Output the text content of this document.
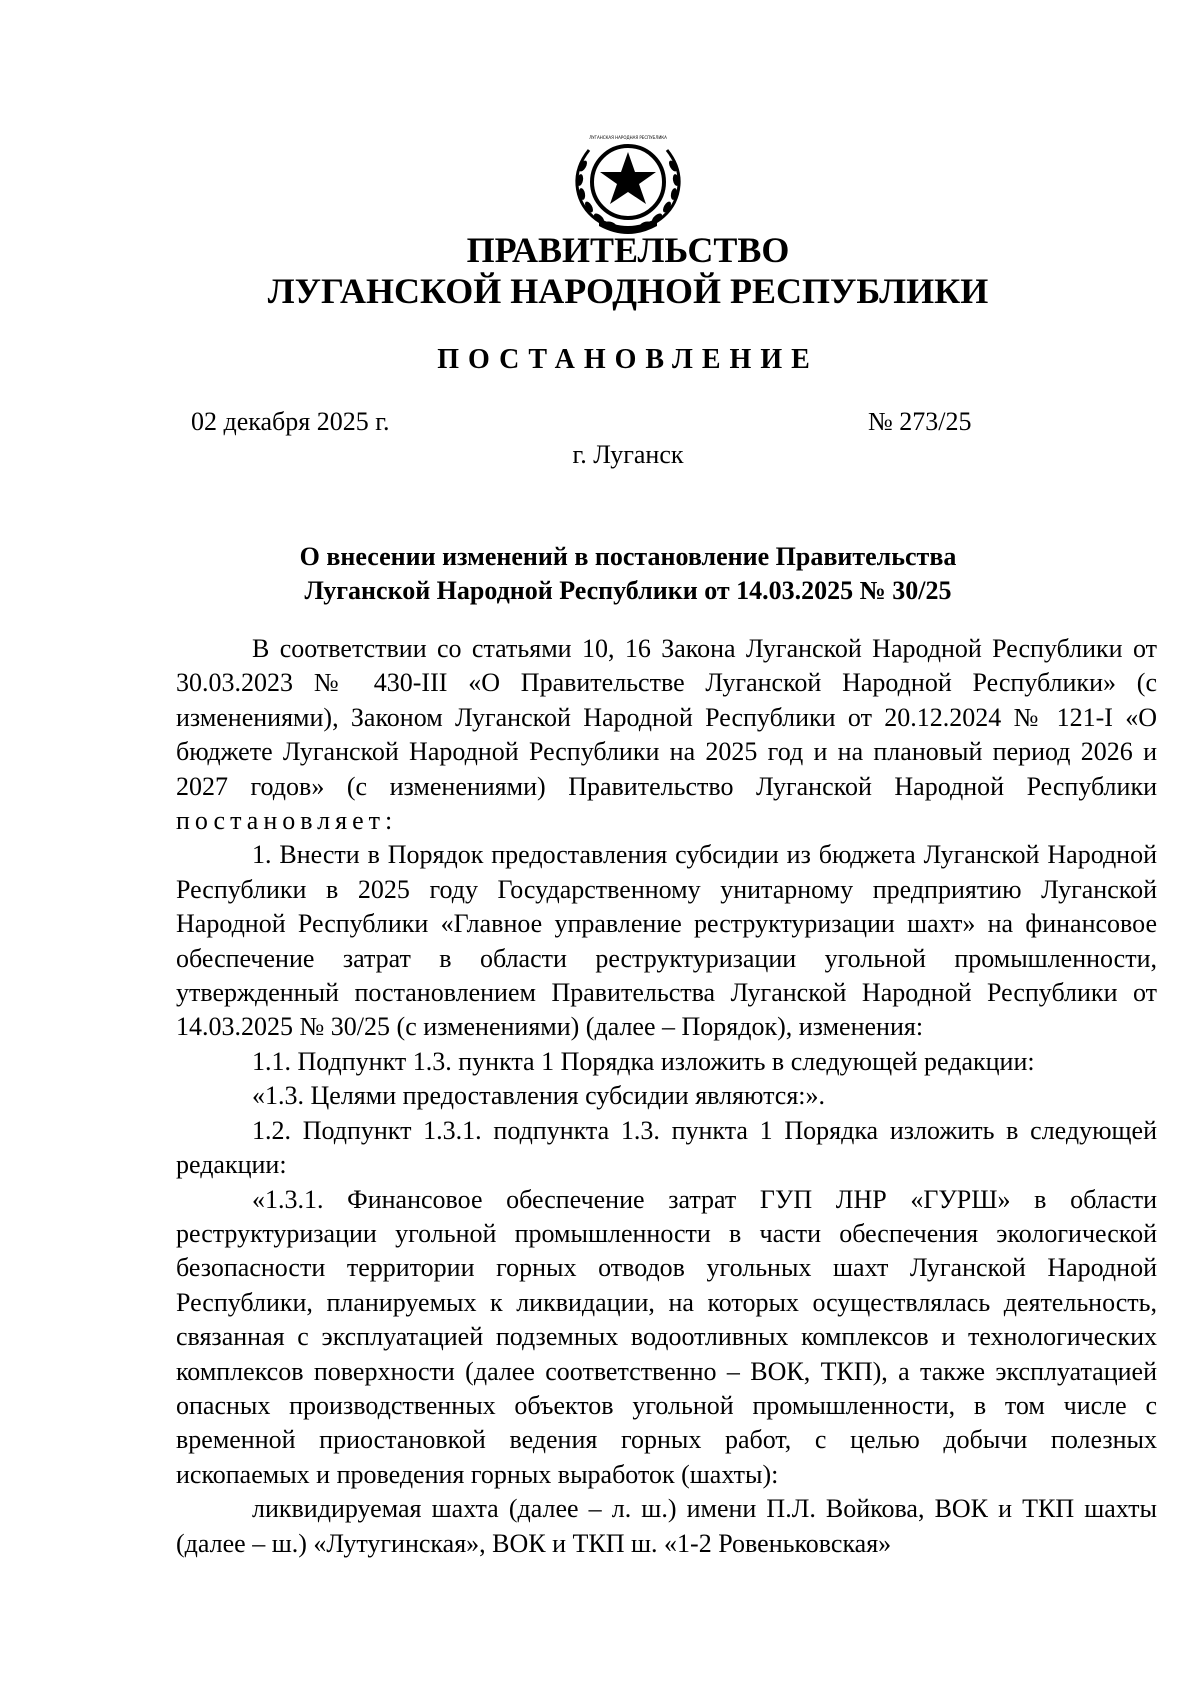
ЛУГАНСКАЯ НАРОДНАЯ РЕСПУБЛИКА
ПРАВИТЕЛЬСТВО
ЛУГАНСКОЙ НАРОДНОЙ РЕСПУБЛИКИ
ПОСТАНОВЛЕНИЕ
02 декабря 2025 г.	№ 273/25
г. Луганск
О внесении изменений в постановление Правительства
Луганской Народной Республики от 14.03.2025 № 30/25

В соответствии со статьями 10, 16 Закона Луганской Народной Республики от 30.03.2023 № 430-III «О Правительстве Луганской Народной Республики» (с изменениями), Законом Луганской Народной Республики от 20.12.2024 № 121-I «О бюджете Луганской Народной Республики на 2025 год и на плановый период 2026 и 2027 годов» (с изменениями) Правительство Луганской Народной Республики постановляет:

1. Внести в Порядок предоставления субсидии из бюджета Луганской Народной Республики в 2025 году Государственному унитарному предприятию Луганской Народной Республики «Главное управление реструктуризации шахт» на финансовое обеспечение затрат в области реструктуризации угольной промышленности, утвержденный постановлением Правительства Луганской Народной Республики от 14.03.2025 № 30/25 (с изменениями) (далее – Порядок), изменения:

1.1. Подпункт 1.3. пункта 1 Порядка изложить в следующей редакции:

«1.3. Целями предоставления субсидии являются:».

1.2. Подпункт 1.3.1. подпункта 1.3. пункта 1 Порядка изложить в следующей редакции:

«1.3.1. Финансовое обеспечение затрат ГУП ЛНР «ГУРШ» в области реструктуризации угольной промышленности в части обеспечения экологической безопасности территории горных отводов угольных шахт Луганской Народной Республики, планируемых к ликвидации, на которых осуществлялась деятельность, связанная с эксплуатацией подземных водоотливных комплексов и технологических комплексов поверхности (далее соответственно – ВОК, ТКП), а также эксплуатацией опасных производственных объектов угольной промышленности, в том числе с временной приостановкой ведения горных работ, с целью добычи полезных ископаемых и проведения горных выработок (шахты):

ликвидируемая шахта (далее – л. ш.) имени П.Л. Войкова, ВОК и ТКП шахты (далее – ш.) «Лутугинская», ВОК и ТКП ш. «1-2 Ровеньковская»
